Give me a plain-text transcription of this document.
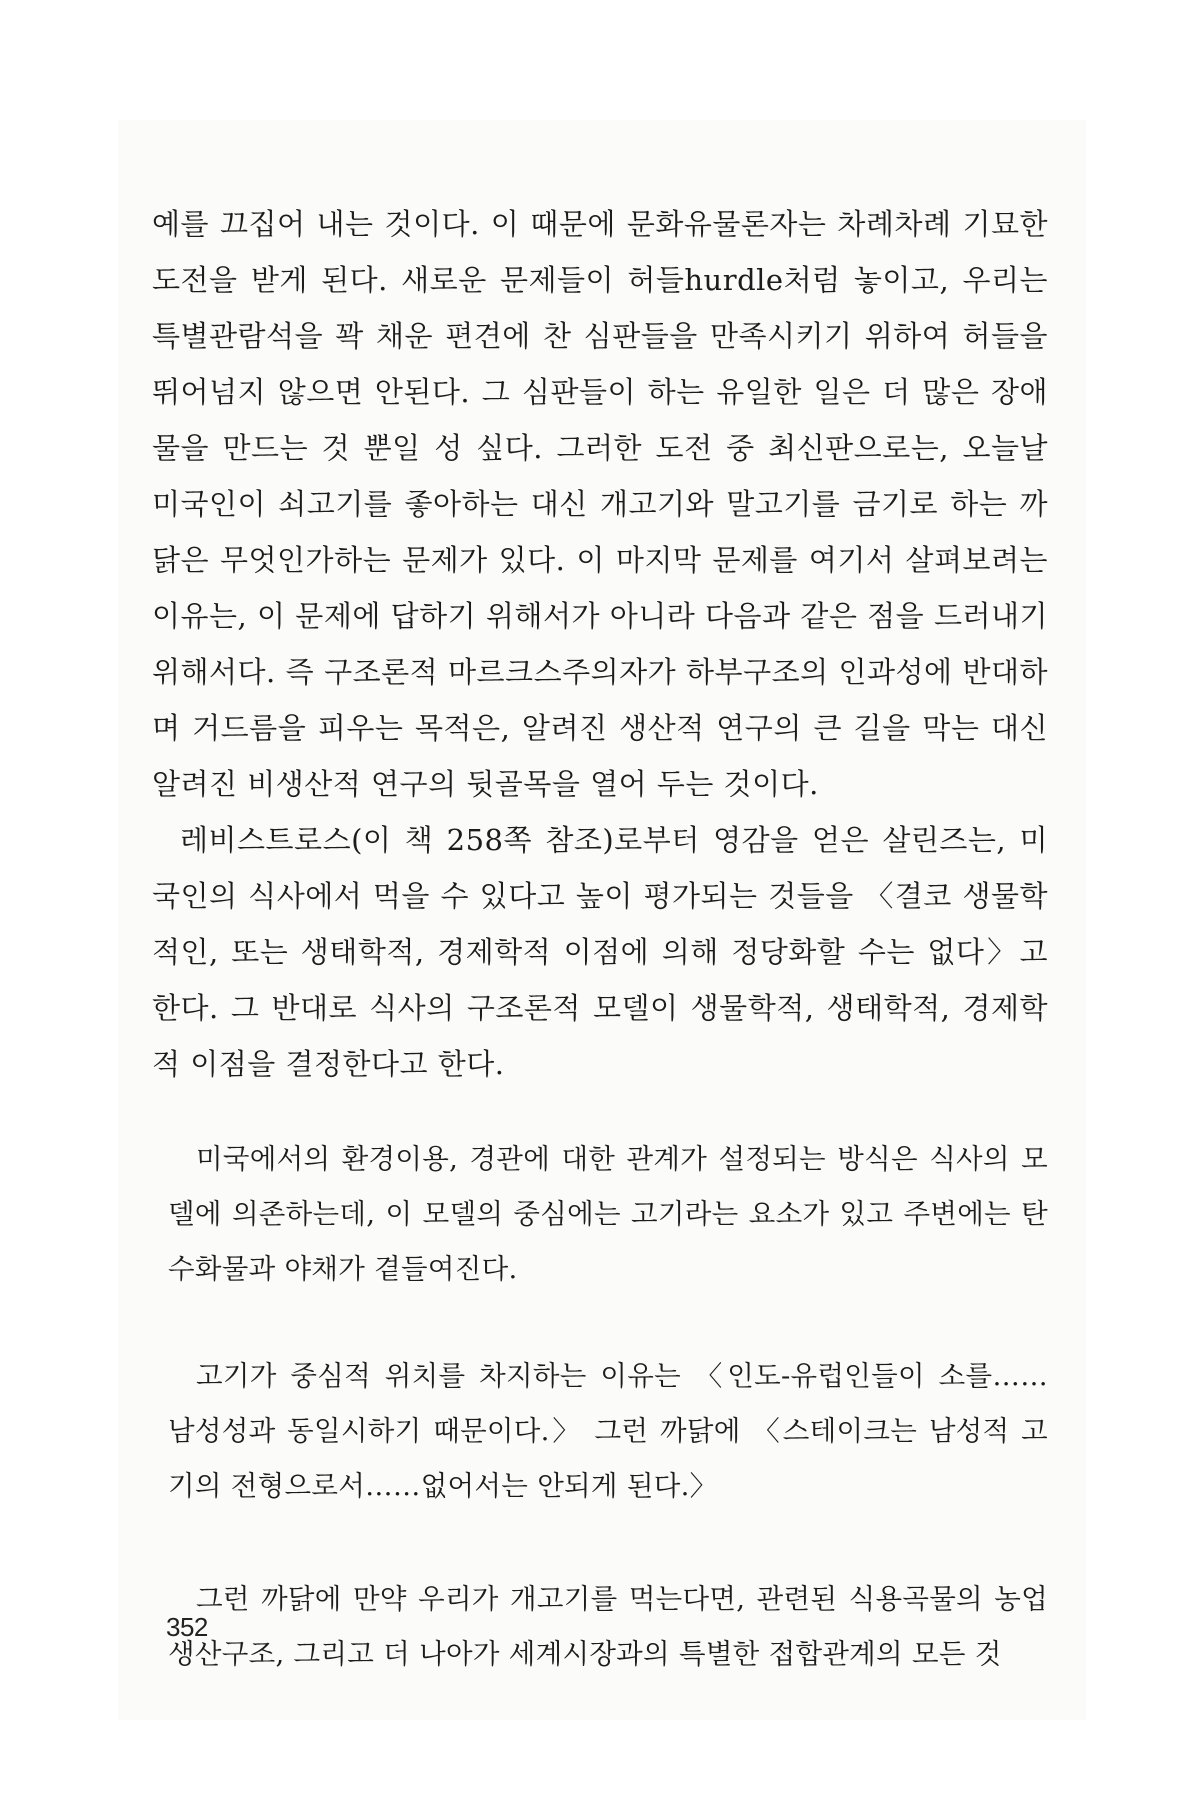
예를 끄집어 내는 것이다. 이 때문에 문화유물론자는 차례차례 기묘한 도전을 받게 된다. 새로운 문제들이 허들hurdle처럼 놓이고, 우리는 특별관람석을 꽉 채운 편견에 찬 심판들을 만족시키기 위하여 허들을 뛰어넘지 않으면 안된다. 그 심판들이 하는 유일한 일은 더 많은 장애물을 만드는 것 뿐일 성 싶다. 그러한 도전 중 최신판으로는, 오늘날 미국인이 쇠고기를 좋아하는 대신 개고기와 말고기를 금기로 하는 까닭은 무엇인가하는 문제가 있다. 이 마지막 문제를 여기서 살펴보려는 이유는, 이 문제에 답하기 위해서가 아니라 다음과 같은 점을 드러내기 위해서다. 즉 구조론적 마르크스주의자가 하부구조의 인과성에 반대하며 거드름을 피우는 목적은, 알려진 생산적 연구의 큰 길을 막는 대신 알려진 비생산적 연구의 뒷골목을 열어 두는 것이다.

레비스트로스(이 책 258쪽 참조)로부터 영감을 얻은 살린즈는, 미국인의 식사에서 먹을 수 있다고 높이 평가되는 것들을 〈결코 생물학적인, 또는 생태학적, 경제학적 이점에 의해 정당화할 수는 없다〉고 한다. 그 반대로 식사의 구조론적 모델이 생물학적, 생태학적, 경제학적 이점을 결정한다고 한다.

미국에서의 환경이용, 경관에 대한 관계가 설정되는 방식은 식사의 모델에 의존하는데, 이 모델의 중심에는 고기라는 요소가 있고 주변에는 탄수화물과 야채가 곁들여진다.

고기가 중심적 위치를 차지하는 이유는 〈인도-유럽인들이 소를…… 남성성과 동일시하기 때문이다.〉 그런 까닭에 〈스테이크는 남성적 고기의 전형으로서……없어서는 안되게 된다.〉

그런 까닭에 만약 우리가 개고기를 먹는다면, 관련된 식용곡물의 농업생산구조, 그리고 더 나아가 세계시장과의 특별한 접합관계의 모든 것

352
